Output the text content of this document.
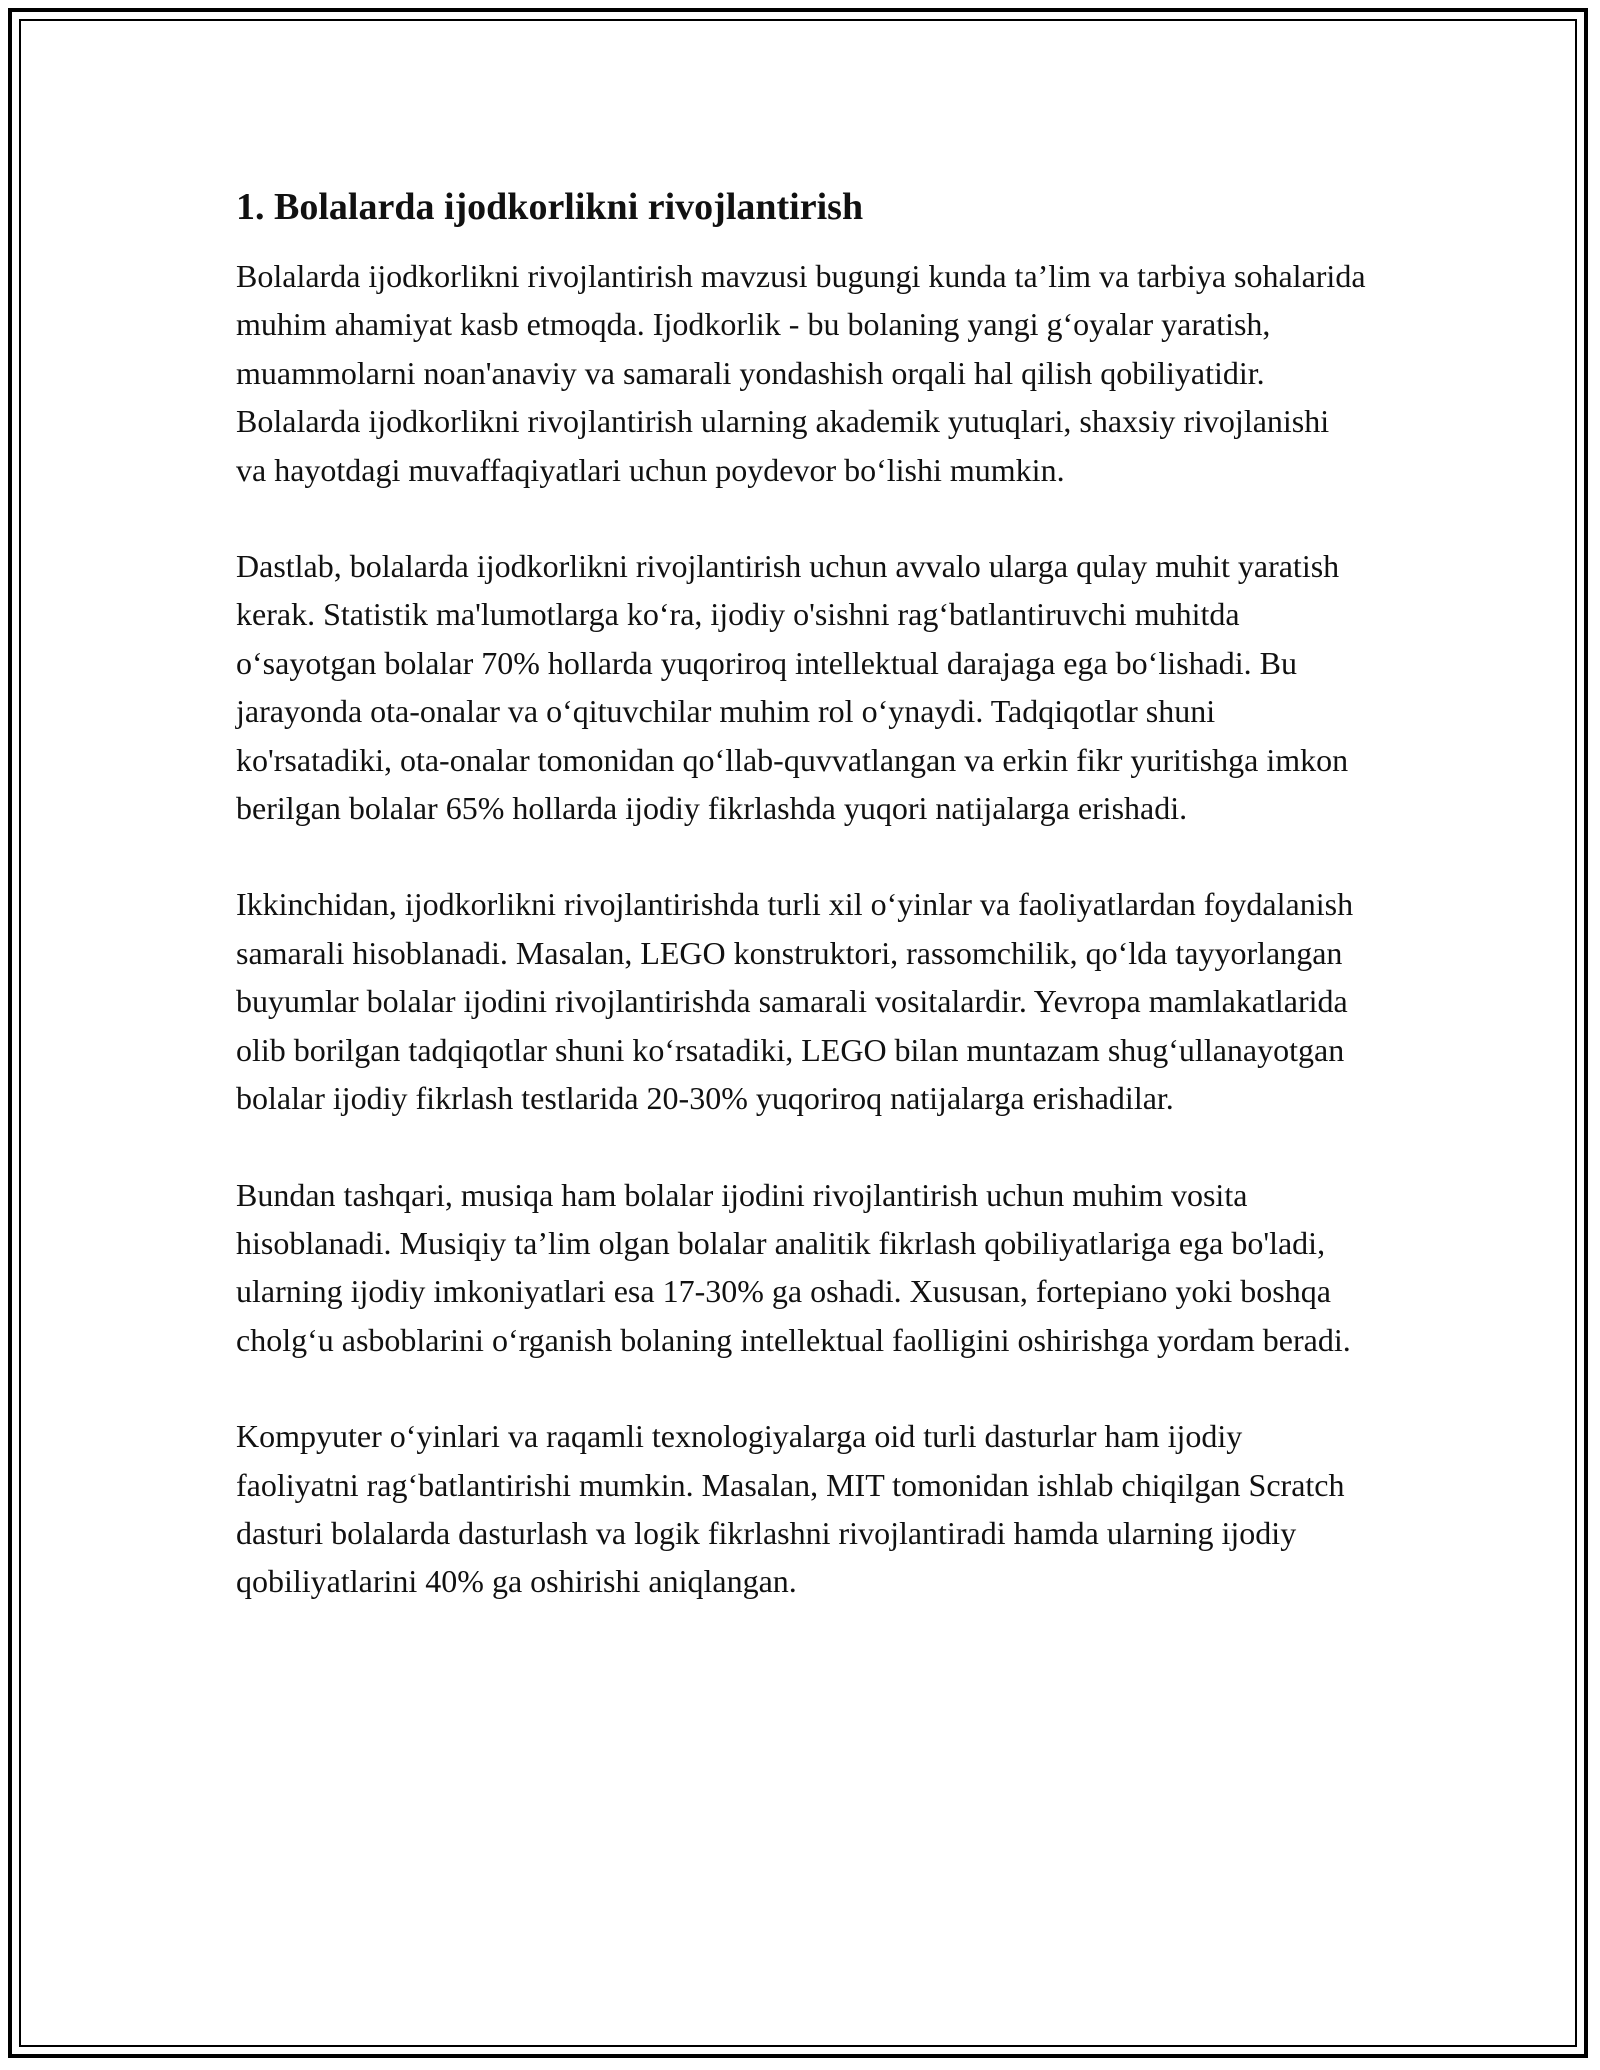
1. Bolalarda ijodkorlikni rivojlantirish

Bolalarda ijodkorlikni rivojlantirish mavzusi bugungi kunda ta’lim va tarbiya sohalarida muhim ahamiyat kasb etmoqda. Ijodkorlik - bu bolaning yangi g‘oyalar yaratish, muammolarni noan'anaviy va samarali yondashish orqali hal qilish qobiliyatidir. Bolalarda ijodkorlikni rivojlantirish ularning akademik yutuqlari, shaxsiy rivojlanishi va hayotdagi muvaffaqiyatlari uchun poydevor bo‘lishi mumkin.

Dastlab, bolalarda ijodkorlikni rivojlantirish uchun avvalo ularga qulay muhit yaratish kerak. Statistik ma'lumotlarga ko‘ra, ijodiy o'sishni rag‘batlantiruvchi muhitda o‘sayotgan bolalar 70% hollarda yuqoriroq intellektual darajaga ega bo‘lishadi. Bu jarayonda ota-onalar va o‘qituvchilar muhim rol o‘ynaydi. Tadqiqotlar shuni ko'rsatadiki, ota-onalar tomonidan qo‘llab-quvvatlangan va erkin fikr yuritishga imkon berilgan bolalar 65% hollarda ijodiy fikrlashda yuqori natijalarga erishadi.

Ikkinchidan, ijodkorlikni rivojlantirishda turli xil o‘yinlar va faoliyatlardan foydalanish samarali hisoblanadi. Masalan, LEGO konstruktori, rassomchilik, qo‘lda tayyorlangan buyumlar bolalar ijodini rivojlantirishda samarali vositalardir. Yevropa mamlakatlarida olib borilgan tadqiqotlar shuni ko‘rsatadiki, LEGO bilan muntazam shug‘ullanayotgan bolalar ijodiy fikrlash testlarida 20-30% yuqoriroq natijalarga erishadilar.

Bundan tashqari, musiqa ham bolalar ijodini rivojlantirish uchun muhim vosita hisoblanadi. Musiqiy ta’lim olgan bolalar analitik fikrlash qobiliyatlariga ega bo'ladi, ularning ijodiy imkoniyatlari esa 17-30% ga oshadi. Xususan, fortepiano yoki boshqa cholg‘u asboblarini o‘rganish bolaning intellektual faolligini oshirishga yordam beradi.

Kompyuter o‘yinlari va raqamli texnologiyalarga oid turli dasturlar ham ijodiy faoliyatni rag‘batlantirishi mumkin. Masalan, MIT tomonidan ishlab chiqilgan Scratch dasturi bolalarda dasturlash va logik fikrlashni rivojlantiradi hamda ularning ijodiy qobiliyatlarini 40% ga oshirishi aniqlangan.
